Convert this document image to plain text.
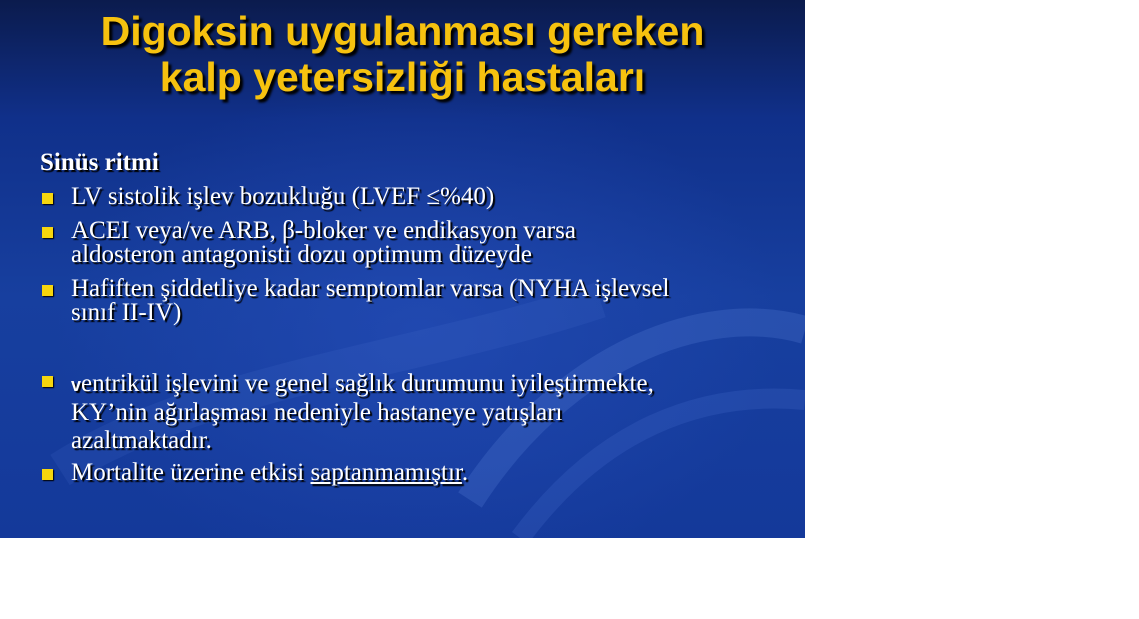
Digoksin uygulanması gereken
kalp yetersizliği hastaları
Sinüs ritmi
LV sistolik işlev bozukluğu (LVEF ≤%40)
ACEI veya/ve ARB, β-bloker ve endikasyon varsa
aldosteron antagonisti dozu optimum düzeyde
Hafiften şiddetliye kadar semptomlar varsa (NYHA işlevsel
sınıf II-IV)
ventrikül işlevini ve genel sağlık durumunu iyileştirmekte,
KY’nin ağırlaşması nedeniyle hastaneye yatışları
azaltmaktadır.
Mortalite üzerine etkisi saptanmamıştır.
